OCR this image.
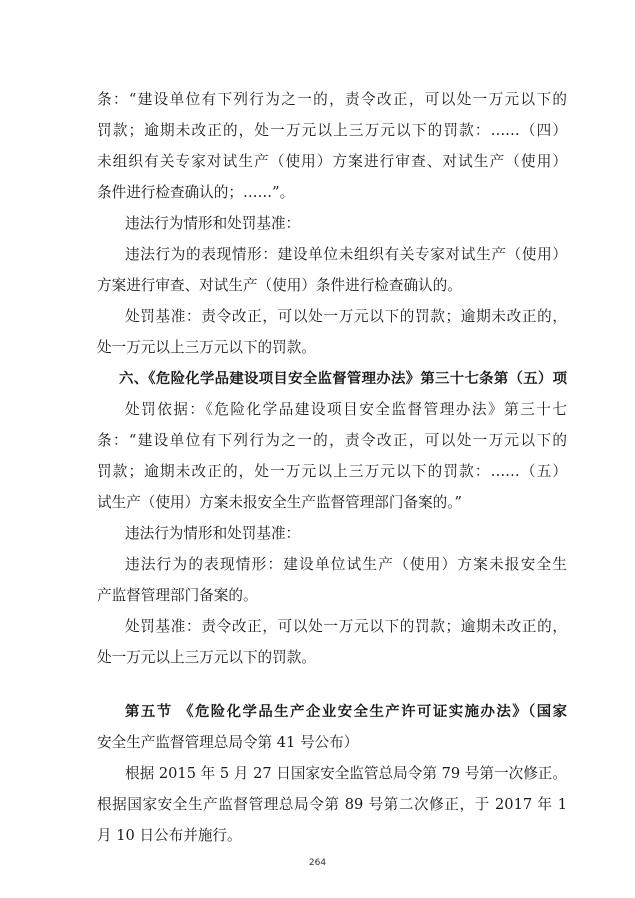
条：“建设单位有下列行为之一的，责令改正，可以处一万元以下的
罚款；逾期未改正的，处一万元以上三万元以下的罚款：……（四）
未组织有关专家对试生产（使用）方案进行审查、对试生产（使用）
条件进行检查确认的；……”。
违法行为情形和处罚基准：
违法行为的表现情形：建设单位未组织有关专家对试生产（使用）
方案进行审查、对试生产（使用）条件进行检查确认的。
处罚基准：责令改正，可以处一万元以下的罚款；逾期未改正的，
处一万元以上三万元以下的罚款。
六、《危险化学品建设项目安全监督管理办法》第三十七条第（五）项
处罚依据：《危险化学品建设项目安全监督管理办法》第三十七
条：“建设单位有下列行为之一的，责令改正，可以处一万元以下的
罚款；逾期未改正的，处一万元以上三万元以下的罚款：……（五）
试生产（使用）方案未报安全生产监督管理部门备案的。”
违法行为情形和处罚基准：
违法行为的表现情形：建设单位试生产（使用）方案未报安全生
产监督管理部门备案的。
处罚基准：责令改正，可以处一万元以下的罚款；逾期未改正的，
处一万元以上三万元以下的罚款。
第五节 《危险化学品生产企业安全生产许可证实施办法》（国家
安全生产监督管理总局令第 41 号公布）
根据 2015 年 5 月 27 日国家安全监管总局令第 79 号第一次修正。
根据国家安全生产监督管理总局令第 89 号第二次修正，于 2017 年 1
月 10 日公布并施行。
264
